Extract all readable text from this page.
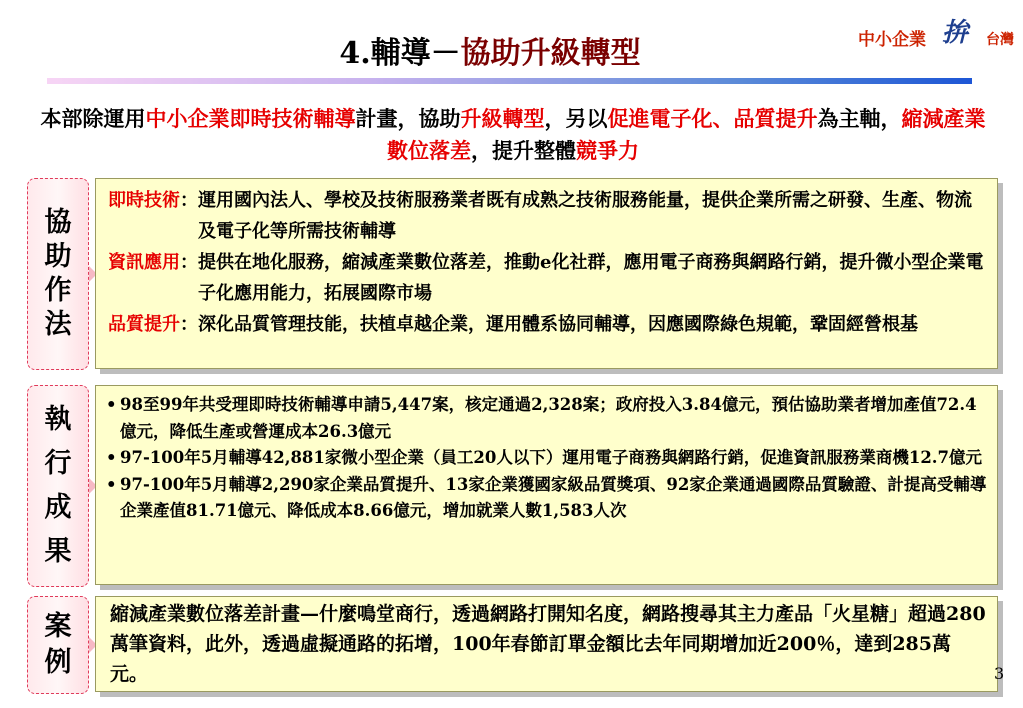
4.輔導－協助升級轉型	中小企業 拚 台灣
本部除運用中小企業即時技術輔導計畫，協助升級轉型，另以促進電子化、品質提升為主軸，縮減產業數位落差，提升整體競爭力
協
助
作
法
即時技術 ： 運用國內法人、學校及技術服務業者既有成熟之技術服務能量，提供企業所需之研發、生產、物流及電子化等所需技術輔導
資訊應用 ： 提供在地化服務，縮減產業數位落差，推動e化社群，應用電子商務與網路行銷，提升微小型企業電子化應用能力，拓展國際市場
品質提升 ： 深化品質管理技能，扶植卓越企業，運用體系協同輔導，因應國際綠色規範，鞏固經營根基
執
行
成
果
• 98至99年共受理即時技術輔導申請5,447案，核定通過2,328案；政府投入3.84億元，預估協助業者增加產值72.4億元，降低生產或營運成本26.3億元
• 97-100年5月輔導42,881家微小型企業（員工20人以下）運用電子商務與網路行銷，促進資訊服務業商機12.7億元
• 97-100年5月輔導2,290家企業品質提升、13家企業獲國家級品質獎項、92家企業通過國際品質驗證、計提高受輔導企業產值81.71億元、降低成本8.66億元，增加就業人數1,583人次
案
例
縮減產業數位落差計畫—什麼鳴堂商行，透過網路打開知名度，網路搜尋其主力產品「火星糖」超過280萬筆資料，此外，透過虛擬通路的拓增，100年春節訂單金額比去年同期增加近200％，達到285萬元。	3
